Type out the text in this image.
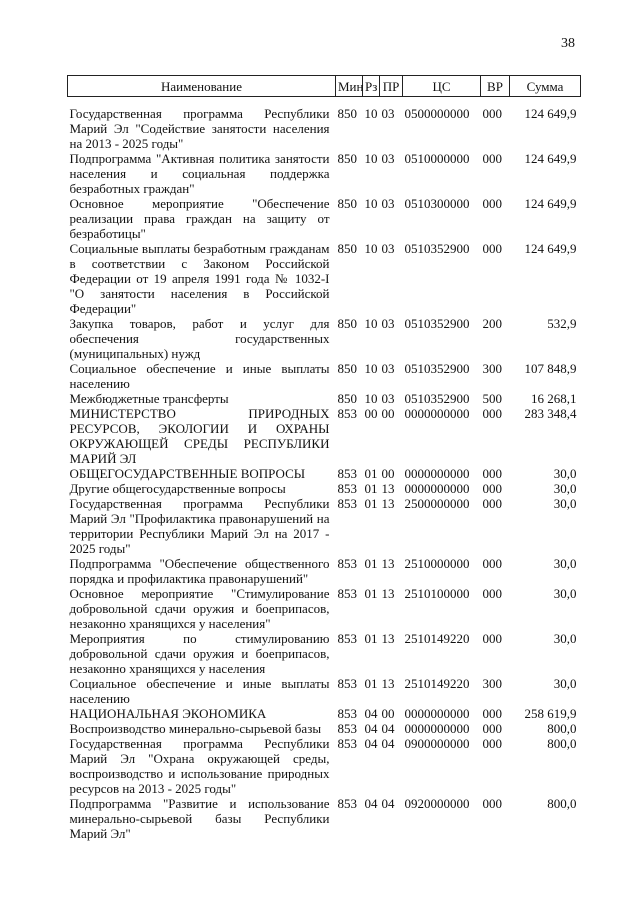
38
Наименование	Мин	Рз	ПР	ЦС	ВР	Сумма
Государственная программа Республики Марий Эл "Содействие занятости населения на 2013 - 2025 годы"	850	10	03	0500000000	000	124 649,9
Подпрограмма "Активная политика занятости населения и социальная поддержка безработных граждан"	850	10	03	0510000000	000	124 649,9
Основное мероприятие "Обеспечение реализации права граждан на защиту от безработицы"	850	10	03	0510300000	000	124 649,9
Социальные выплаты безработным гражданам в соответствии с Законом Российской Федерации от 19 апреля 1991 года № 1032-I "О занятости населения в Российской Федерации"	850	10	03	0510352900	000	124 649,9
Закупка товаров, работ и услуг для обеспечения государственных (муниципальных) нужд	850	10	03	0510352900	200	532,9
Социальное обеспечение и иные выплаты населению	850	10	03	0510352900	300	107 848,9
Межбюджетные трансферты	850	10	03	0510352900	500	16 268,1
МИНИСТЕРСТВО ПРИРОДНЫХ РЕСУРСОВ, ЭКОЛОГИИ И ОХРАНЫ ОКРУЖАЮЩЕЙ СРЕДЫ РЕСПУБЛИКИ МАРИЙ ЭЛ	853	00	00	0000000000	000	283 348,4
ОБЩЕГОСУДАРСТВЕННЫЕ ВОПРОСЫ	853	01	00	0000000000	000	30,0
Другие общегосударственные вопросы	853	01	13	0000000000	000	30,0
Государственная программа Республики Марий Эл "Профилактика правонарушений на территории Республики Марий Эл на 2017 - 2025 годы"	853	01	13	2500000000	000	30,0
Подпрограмма "Обеспечение общественного порядка и профилактика правонарушений"	853	01	13	2510000000	000	30,0
Основное мероприятие "Стимулирование добровольной сдачи оружия и боеприпасов, незаконно хранящихся у населения"	853	01	13	2510100000	000	30,0
Мероприятия по стимулированию добровольной сдачи оружия и боеприпасов, незаконно хранящихся у населения	853	01	13	2510149220	000	30,0
Социальное обеспечение и иные выплаты населению	853	01	13	2510149220	300	30,0
НАЦИОНАЛЬНАЯ ЭКОНОМИКА	853	04	00	0000000000	000	258 619,9
Воспроизводство минерально-сырьевой базы	853	04	04	0000000000	000	800,0
Государственная программа Республики Марий Эл "Охрана окружающей среды, воспроизводство и использование природных ресурсов на 2013 - 2025 годы"	853	04	04	0900000000	000	800,0
Подпрограмма "Развитие и использование минерально-сырьевой базы Республики Марий Эл"	853	04	04	0920000000	000	800,0
